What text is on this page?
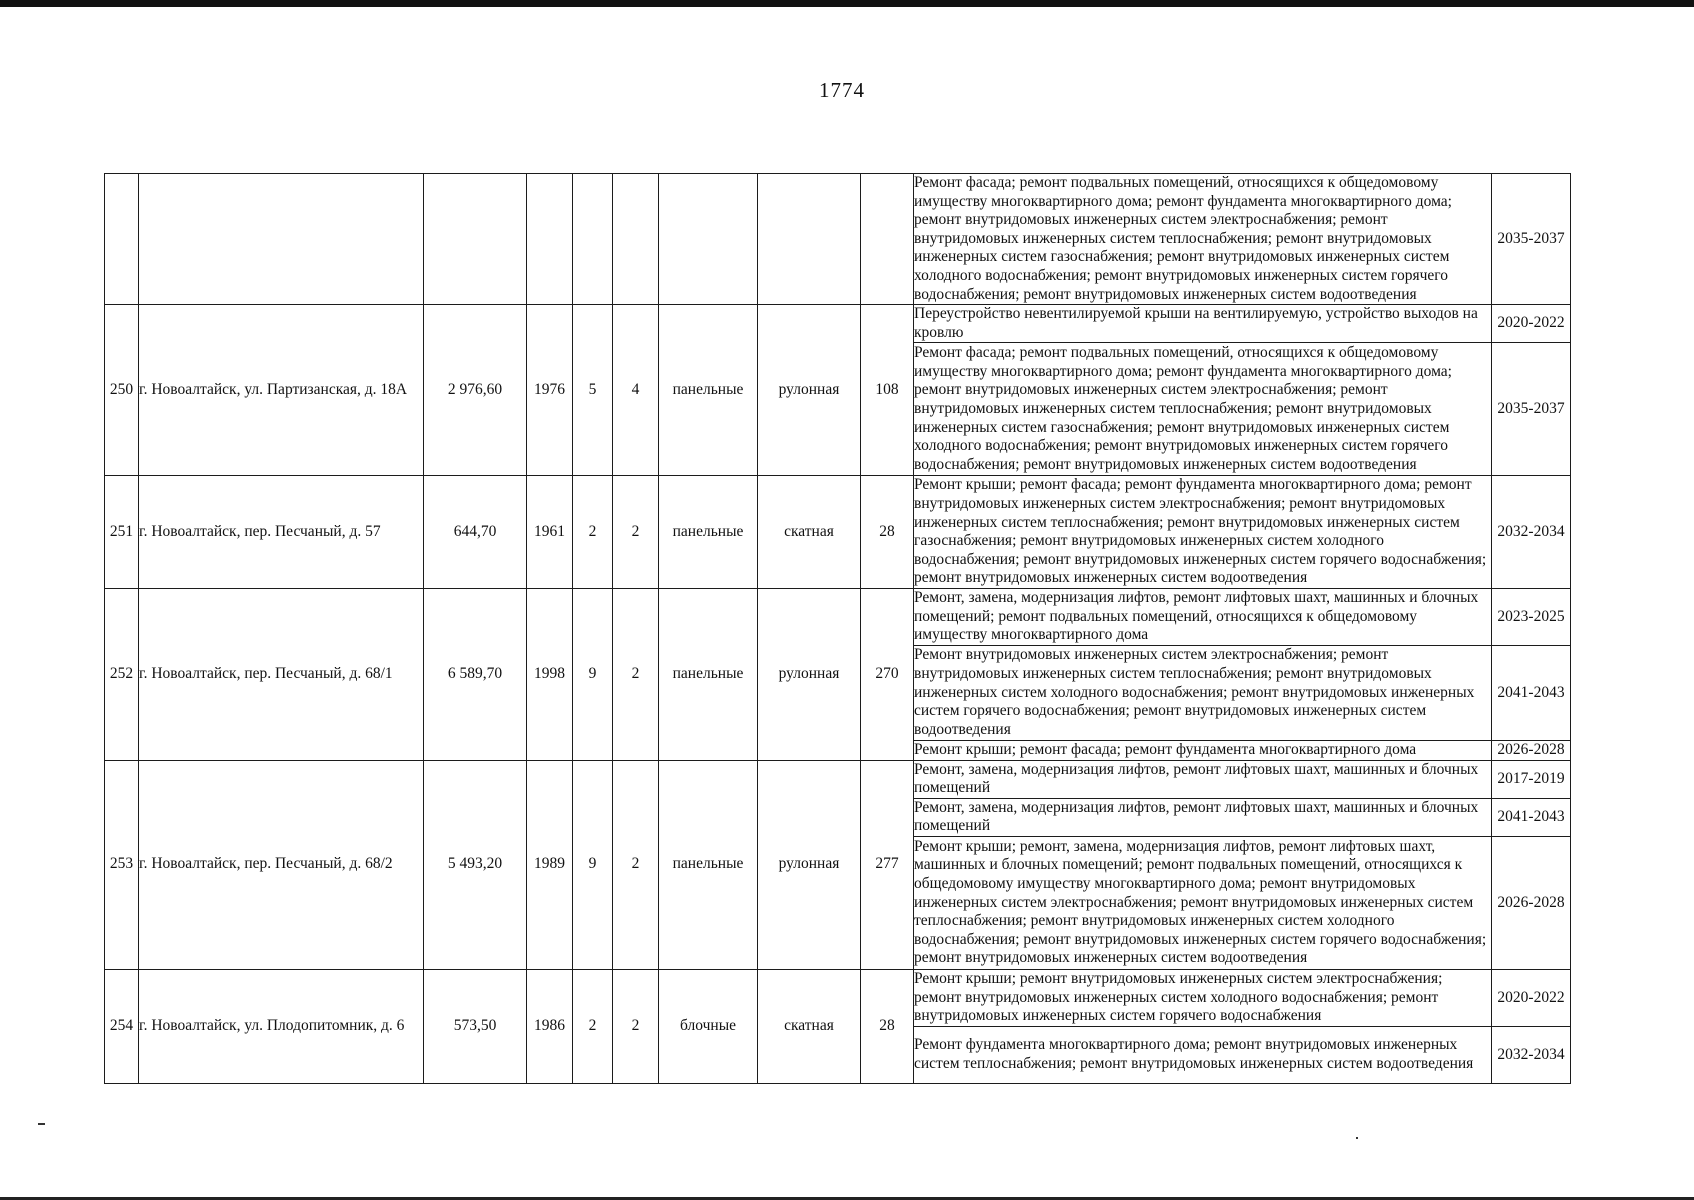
1774
									Ремонт фасада; ремонт подвальных помещений, относящихся к общедомовому имуществу многоквартирного дома; ремонт фундамента многоквартирного дома; ремонт внутридомовых инженерных систем электроснабжения; ремонт внутридомовых инженерных систем теплоснабжения; ремонт внутридомовых инженерных систем газоснабжения; ремонт внутридомовых инженерных систем холодного водоснабжения; ремонт внутридомовых инженерных систем горячего водоснабжения; ремонт внутридомовых инженерных систем водоотведения	2035-2037
250	г. Новоалтайск, ул. Партизанская, д. 18А	2 976,60	1976	5	4	панельные	рулонная	108	Переустройство невентилируемой крыши на вентилируемую, устройство выходов на кровлю	2020-2022
									Ремонт фасада; ремонт подвальных помещений, относящихся к общедомовому имуществу многоквартирного дома; ремонт фундамента многоквартирного дома; ремонт внутридомовых инженерных систем электроснабжения; ремонт внутридомовых инженерных систем теплоснабжения; ремонт внутридомовых инженерных систем газоснабжения; ремонт внутридомовых инженерных систем холодного водоснабжения; ремонт внутридомовых инженерных систем горячего водоснабжения; ремонт внутридомовых инженерных систем водоотведения	2035-2037
251	г. Новоалтайск, пер. Песчаный, д. 57	644,70	1961	2	2	панельные	скатная	28	Ремонт крыши; ремонт фасада; ремонт фундамента многоквартирного дома; ремонт внутридомовых инженерных систем электроснабжения; ремонт внутридомовых инженерных систем теплоснабжения; ремонт внутридомовых инженерных систем газоснабжения; ремонт внутридомовых инженерных систем холодного водоснабжения; ремонт внутридомовых инженерных систем горячего водоснабжения; ремонт внутридомовых инженерных систем водоотведения	2032-2034
252	г. Новоалтайск, пер. Песчаный, д. 68/1	6 589,70	1998	9	2	панельные	рулонная	270	Ремонт, замена, модернизация лифтов, ремонт лифтовых шахт, машинных и блочных помещений; ремонт подвальных помещений, относящихся к общедомовому имуществу многоквартирного дома	2023-2025
									Ремонт внутридомовых инженерных систем электроснабжения; ремонт внутридомовых инженерных систем теплоснабжения; ремонт внутридомовых инженерных систем холодного водоснабжения; ремонт внутридомовых инженерных систем горячего водоснабжения; ремонт внутридомовых инженерных систем водоотведения	2041-2043
									Ремонт крыши; ремонт фасада; ремонт фундамента многоквартирного дома	2026-2028
253	г. Новоалтайск, пер. Песчаный, д. 68/2	5 493,20	1989	9	2	панельные	рулонная	277	Ремонт, замена, модернизация лифтов, ремонт лифтовых шахт, машинных и блочных помещений	2017-2019
									Ремонт, замена, модернизация лифтов, ремонт лифтовых шахт, машинных и блочных помещений	2041-2043
									Ремонт крыши; ремонт, замена, модернизация лифтов, ремонт лифтовых шахт, машинных и блочных помещений; ремонт подвальных помещений, относящихся к общедомовому имуществу многоквартирного дома; ремонт внутридомовых инженерных систем электроснабжения; ремонт внутридомовых инженерных систем теплоснабжения; ремонт внутридомовых инженерных систем холодного водоснабжения; ремонт внутридомовых инженерных систем горячего водоснабжения; ремонт внутридомовых инженерных систем водоотведения	2026-2028
254	г. Новоалтайск, ул. Плодопитомник, д. 6	573,50	1986	2	2	блочные	скатная	28	Ремонт крыши; ремонт внутридомовых инженерных систем электроснабжения; ремонт внутридомовых инженерных систем холодного водоснабжения; ремонт внутридомовых инженерных систем горячего водоснабжения	2020-2022
									Ремонт фундамента многоквартирного дома; ремонт внутридомовых инженерных систем теплоснабжения; ремонт внутридомовых инженерных систем водоотведения	2032-2034
